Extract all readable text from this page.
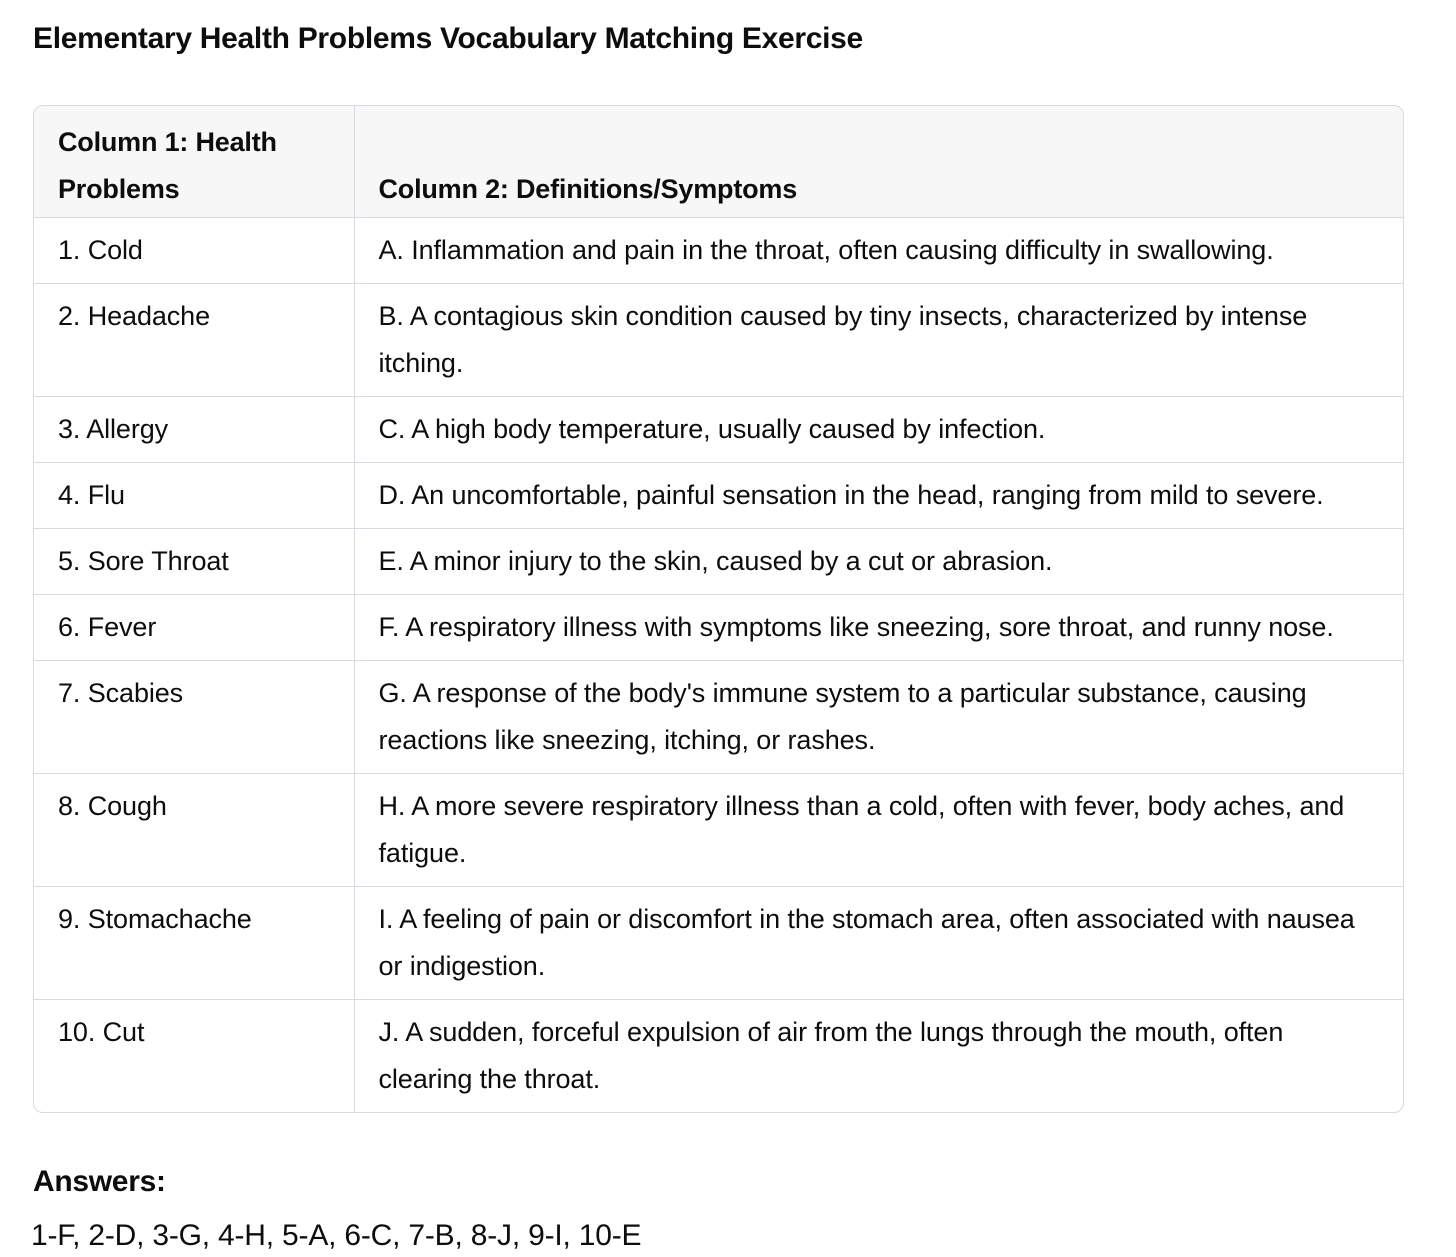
Elementary Health Problems Vocabulary Matching Exercise
Column 1: Health Problems	Column 2: Definitions/Symptoms
1. Cold	A. Inflammation and pain in the throat, often causing difficulty in swallowing.
2. Headache	B. A contagious skin condition caused by tiny insects, characterized by intense itching.
3. Allergy	C. A high body temperature, usually caused by infection.
4. Flu	D. An uncomfortable, painful sensation in the head, ranging from mild to severe.
5. Sore Throat	E. A minor injury to the skin, caused by a cut or abrasion.
6. Fever	F. A respiratory illness with symptoms like sneezing, sore throat, and runny nose.
7. Scabies	G. A response of the body's immune system to a particular substance, causing reactions like sneezing, itching, or rashes.
8. Cough	H. A more severe respiratory illness than a cold, often with fever, body aches, and fatigue.
9. Stomachache	I. A feeling of pain or discomfort in the stomach area, often associated with nausea or indigestion.
10. Cut	J. A sudden, forceful expulsion of air from the lungs through the mouth, often clearing the throat.
Answers:

1-F, 2-D, 3-G, 4-H, 5-A, 6-C, 7-B, 8-J, 9-I, 10-E
